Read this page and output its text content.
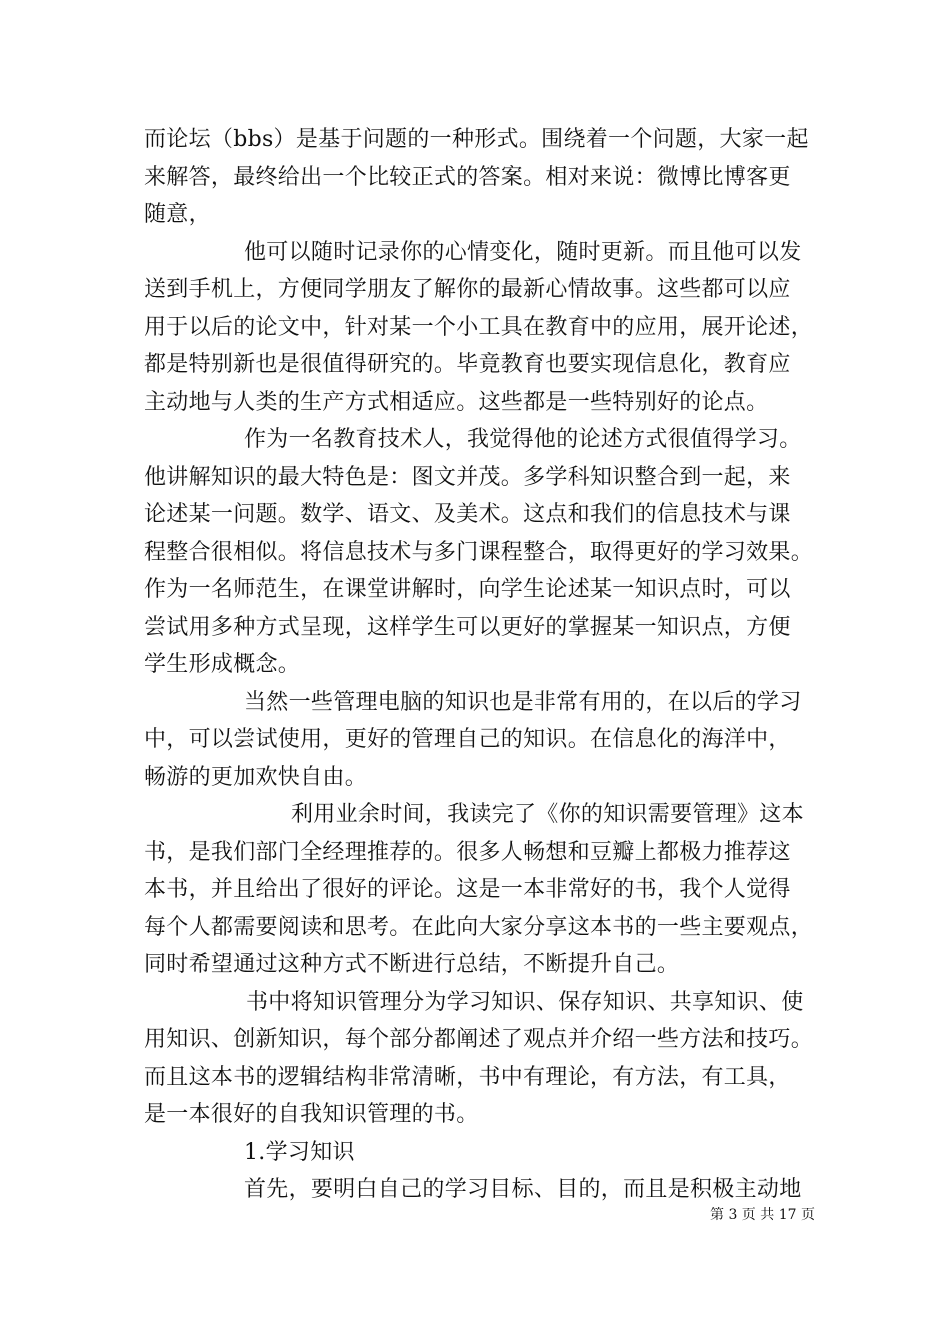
而论坛（bbs）是基于问题的一种形式。围绕着一个问题，大家一起
来解答，最终给出一个比较正式的答案。相对来说：微博比博客更
随意，
他可以随时记录你的心情变化，随时更新。而且他可以发
送到手机上，方便同学朋友了解你的最新心情故事。这些都可以应
用于以后的论文中，针对某一个小工具在教育中的应用，展开论述，
都是特别新也是很值得研究的。毕竟教育也要实现信息化，教育应
主动地与人类的生产方式相适应。这些都是一些特别好的论点。
作为一名教育技术人，我觉得他的论述方式很值得学习。
他讲解知识的最大特色是：图文并茂。多学科知识整合到一起，来
论述某一问题。数学、语文、及美术。这点和我们的信息技术与课
程整合很相似。将信息技术与多门课程整合，取得更好的学习效果。
作为一名师范生，在课堂讲解时，向学生论述某一知识点时，可以
尝试用多种方式呈现，这样学生可以更好的掌握某一知识点，方便
学生形成概念。
当然一些管理电脑的知识也是非常有用的，在以后的学习
中，可以尝试使用，更好的管理自己的知识。在信息化的海洋中，
畅游的更加欢快自由。
利用业余时间，我读完了《你的知识需要管理》这本
书，是我们部门全经理推荐的。很多人畅想和豆瓣上都极力推荐这
本书，并且给出了很好的评论。这是一本非常好的书，我个人觉得
每个人都需要阅读和思考。在此向大家分享这本书的一些主要观点，
同时希望通过这种方式不断进行总结，不断提升自己。
书中将知识管理分为学习知识、保存知识、共享知识、使
用知识、创新知识，每个部分都阐述了观点并介绍一些方法和技巧。
而且这本书的逻辑结构非常清晰，书中有理论，有方法，有工具，
是一本很好的自我知识管理的书。
1.学习知识
首先，要明白自己的学习目标、目的，而且是积极主动地
第 3 页 共 17 页
